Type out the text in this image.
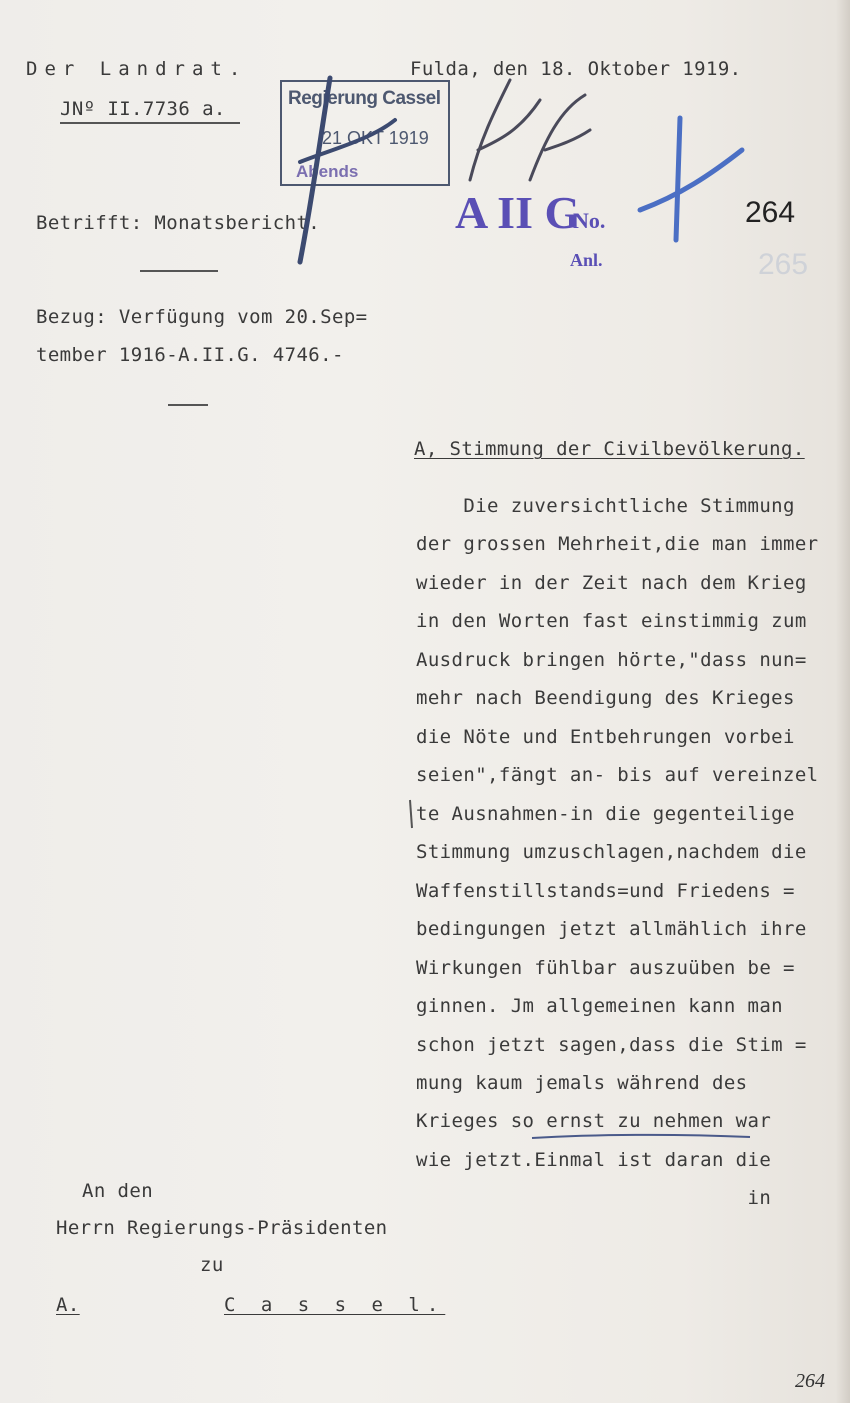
Der Landrat.	Fulda, den 18. Oktober 1919.
JNº II.7736 a.	Regierung Cassel
21 OKT 1919
Abends
A II G
No.
Anl.
264
265
Betrifft: Monatsbericht.
Bezug: Verfügung vom 20.Sep=
tember 1916-A.II.G. 4746.-
A, Stimmung der Civilbevölkerung.
Die zuversichtliche Stimmung
der grossen Mehrheit,die man immer
wieder in der Zeit nach dem Krieg
in den Worten fast einstimmig zum
Ausdruck bringen hörte,"dass nun=
mehr nach Beendigung des Krieges
die Nöte und Entbehrungen vorbei
seien",fängt an- bis auf vereinzel
te Ausnahmen-in die gegenteilige
Stimmung umzuschlagen,nachdem die
Waffenstillstands=und Friedens =
bedingungen jetzt allmählich ihre
Wirkungen fühlbar auszuüben be =
ginnen. Jm allgemeinen kann man
schon jetzt sagen,dass die Stim =
mung kaum jemals während des
Krieges so ernst zu nehmen war
wie jetzt.Einmal ist daran die
in
An den
Herrn Regierungs-Präsidenten
zu
A.	C a s s e l.
264
